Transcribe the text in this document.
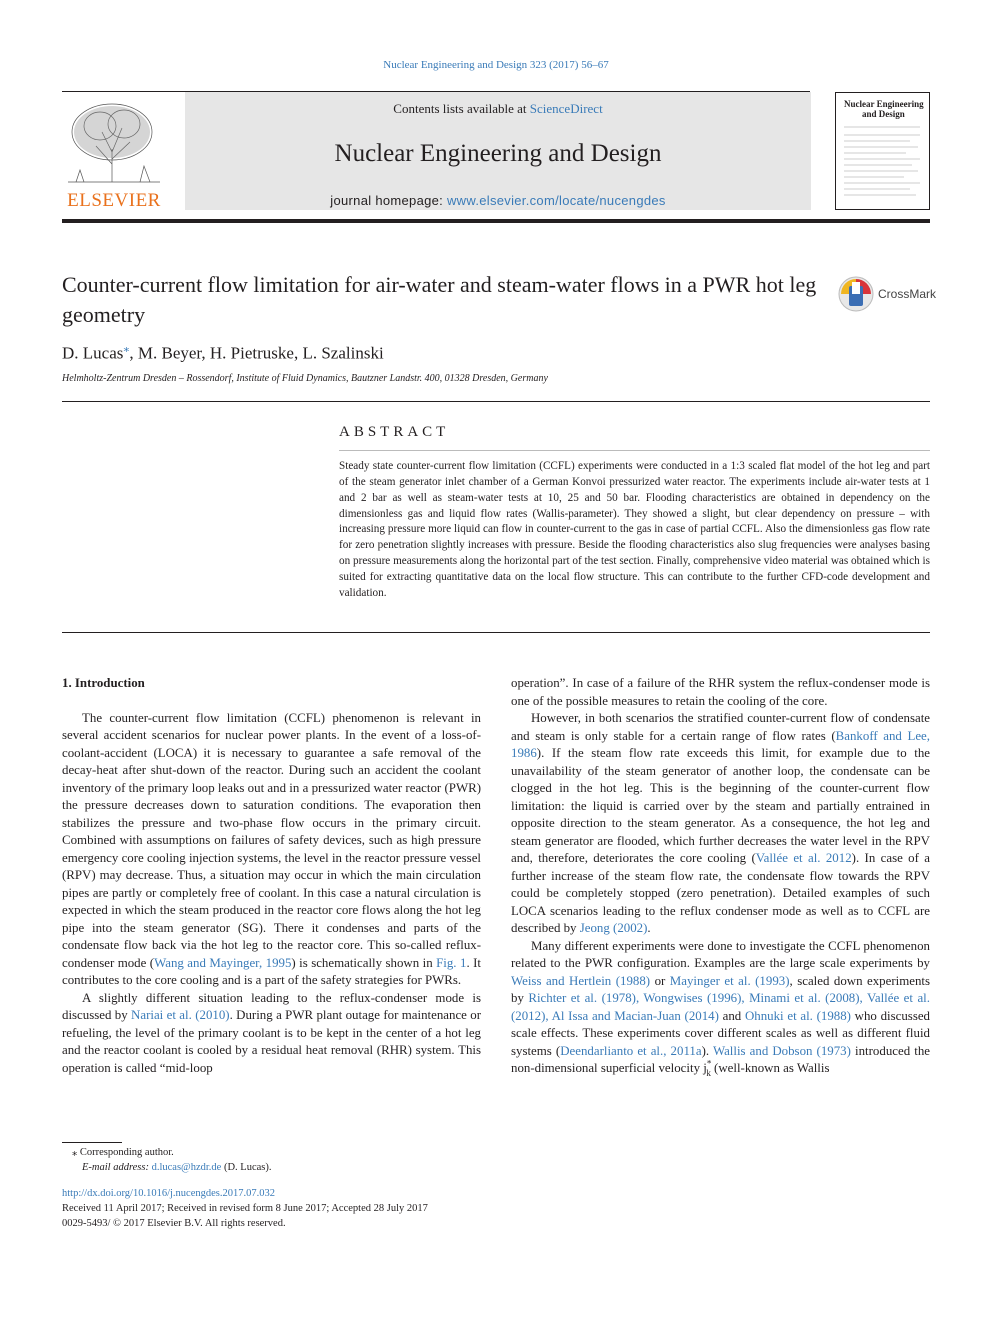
Nuclear Engineering and Design 323 (2017) 56–67
ELSEVIER
Contents lists available at ScienceDirect
Nuclear Engineering and Design
journal homepage: www.elsevier.com/locate/nucengdes
Nuclear Engineering
and Design
Counter-current flow limitation for air-water and steam-water flows in a PWR hot leg geometry
CrossMark
D. Lucas⁎, M. Beyer, H. Pietruske, L. Szalinski
Helmholtz-Zentrum Dresden – Rossendorf, Institute of Fluid Dynamics, Bautzner Landstr. 400, 01328 Dresden, Germany
ABSTRACT
Steady state counter-current flow limitation (CCFL) experiments were conducted in a 1:3 scaled flat model of the hot leg and part of the steam generator inlet chamber of a German Konvoi pressurized water reactor. The experiments include air-water tests at 1 and 2 bar as well as steam-water tests at 10, 25 and 50 bar. Flooding characteristics are obtained in dependency on the dimensionless gas and liquid flow rates (Wallis-parameter). They showed a slight, but clear dependency on pressure – with increasing pressure more liquid can flow in counter-current to the gas in case of partial CCFL. Also the dimensionless gas flow rate for zero penetration slightly increases with pressure. Beside the flooding characteristics also slug frequencies were analyses basing on pressure measurements along the horizontal part of the test section. Finally, comprehensive video material was obtained which is suited for extracting quantitative data on the local flow structure. This can contribute to the further CFD-code development and validation.

1. Introduction

The counter-current flow limitation (CCFL) phenomenon is relevant in several accident scenarios for nuclear power plants. In the event of a loss-of-coolant-accident (LOCA) it is necessary to guarantee a safe removal of the decay-heat after shut-down of the reactor. During such an accident the coolant inventory of the primary loop leaks out and in a pressurized water reactor (PWR) the pressure decreases down to saturation conditions. The evaporation then stabilizes the pressure and two-phase flow occurs in the primary circuit. Combined with assumptions on failures of safety devices, such as high pressure emergency core cooling injection systems, the level in the reactor pressure vessel (RPV) may decrease. Thus, a situation may occur in which the main circulation pipes are partly or completely free of coolant. In this case a natural circulation is expected in which the steam produced in the reactor core flows along the hot leg pipe into the steam generator (SG). There it condenses and parts of the condensate flow back via the hot leg to the reactor core. This so-called reflux-condenser mode (Wang and Mayinger, 1995) is schematically shown in Fig. 1. It contributes to the core cooling and is a part of the safety strategies for PWRs.

A slightly different situation leading to the reflux-condenser mode is discussed by Nariai et al. (2010). During a PWR plant outage for maintenance or refueling, the level of the primary coolant is to be kept in the center of a hot leg and the reactor coolant is cooled by a residual heat removal (RHR) system. This operation is called “mid-loop

operation”. In case of a failure of the RHR system the reflux-condenser mode is one of the possible measures to retain the cooling of the core.

However, in both scenarios the stratified counter-current flow of condensate and steam is only stable for a certain range of flow rates (Bankoff and Lee, 1986). If the steam flow rate exceeds this limit, for example due to the unavailability of the steam generator of another loop, the condensate can be clogged in the hot leg. This is the beginning of the counter-current flow limitation: the liquid is carried over by the steam and partially entrained in opposite direction to the steam generator. As a consequence, the hot leg and steam generator are flooded, which further decreases the water level in the RPV and, therefore, deteriorates the core cooling (Vallée et al. 2012). In case of a further increase of the steam flow rate, the condensate flow towards the RPV could be completely stopped (zero penetration). Detailed examples of such LOCA scenarios leading to the reflux condenser mode as well as to CCFL are described by Jeong (2002).

Many different experiments were done to investigate the CCFL phenomenon related to the PWR configuration. Examples are the large scale experiments by Weiss and Hertlein (1988) or Mayinger et al. (1993), scaled down experiments by Richter et al. (1978), Wongwises (1996), Minami et al. (2008), Vallée et al. (2012), Al Issa and Macian-Juan (2014) and Ohnuki et al. (1988) who discussed scale effects. These experiments cover different scales as well as different fluid systems (Deendarlianto et al., 2011a). Wallis and Dobson (1973) introduced the non-dimensional superficial velocity $j^*_k$ (well-known as Wallis

⁎ Corresponding author.
E-mail address: d.lucas@hzdr.de (D. Lucas).
http://dx.doi.org/10.1016/j.nucengdes.2017.07.032
Received 11 April 2017; Received in revised form 8 June 2017; Accepted 28 July 2017
0029-5493/ © 2017 Elsevier B.V. All rights reserved.
